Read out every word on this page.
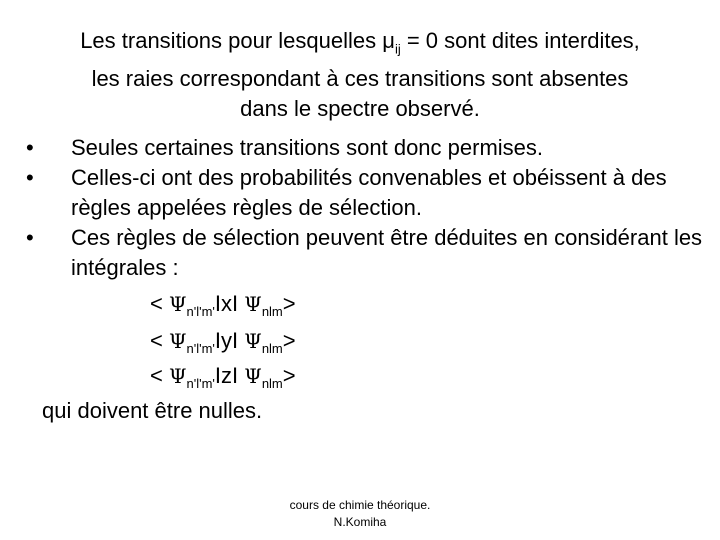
Les transitions pour lesquelles $\mu_{ij} = 0$ sont dites interdites,
les raies correspondant à ces transitions sont absentes
dans le spectre observé.
• Seules certaines transitions sont donc permises.
• Celles-ci ont des probabilités convenables et obéissent à des règles appelées règles de sélection.
• Ces règles de sélection peuvent être déduites en considérant les intégrales :
< $\Psi_{n'l'm'}IxI$ $\Psi_{nlm}>$
< $\Psi_{n'l'm'}IyI$ $\Psi_{nlm}>$
< $\Psi_{n'l'm'}IzI$ $\Psi_{nlm}>$
qui doivent être nulles.
cours de chimie théorique.
N.Komiha
